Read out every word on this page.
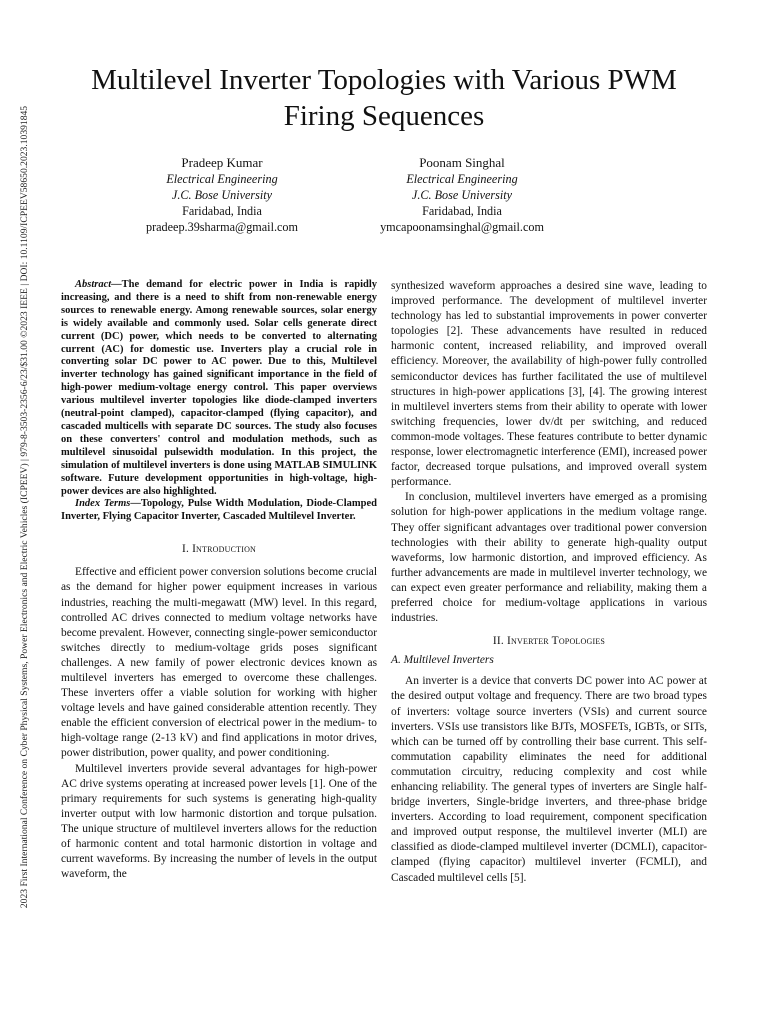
2023 First International Conference on Cyber Physical Systems, Power Electronics and Electric Vehicles (ICPEEV) | 979-8-3503-2356-6/23/$31.00 ©2023 IEEE | DOI: 10.1109/ICPEEV58650.2023.10391845
Multilevel Inverter Topologies with Various PWM
Firing Sequences
Pradeep Kumar
Electrical Engineering
J.C. Bose University
Faridabad, India
pradeep.39sharma@gmail.com
Poonam Singhal
Electrical Engineering
J.C. Bose University
Faridabad, India
ymcapoonamsinghal@gmail.com

Abstract—The demand for electric power in India is rapidly increasing, and there is a need to shift from non-renewable energy sources to renewable energy. Among renewable sources, solar energy is widely available and commonly used. Solar cells generate direct current (DC) power, which needs to be converted to alternating current (AC) for domestic use. Inverters play a crucial role in converting solar DC power to AC power. Due to this, Multilevel inverter technology has gained significant importance in the field of high-power medium-voltage energy control. This paper overviews various multilevel inverter topologies like diode-clamped inverters (neutral-point clamped), capacitor-clamped (flying capacitor), and cascaded multicells with separate DC sources. The study also focuses on these converters' control and modulation methods, such as multilevel sinusoidal pulsewidth modulation. In this project, the simulation of multilevel inverters is done using MATLAB SIMULINK software. Future development opportunities in high-voltage, high-power devices are also highlighted.

Index Terms—Topology, Pulse Width Modulation, Diode-Clamped Inverter, Flying Capacitor Inverter, Cascaded Multilevel Inverter.

I. Introduction

Effective and efficient power conversion solutions become crucial as the demand for higher power equipment increases in various industries, reaching the multi-megawatt (MW) level. In this regard, controlled AC drives connected to medium voltage networks have become prevalent. However, connecting single-power semiconductor switches directly to medium-voltage grids poses significant challenges. A new family of power electronic devices known as multilevel inverters has emerged to overcome these challenges. These inverters offer a viable solution for working with higher voltage levels and have gained considerable attention recently. They enable the efficient conversion of electrical power in the medium- to high-voltage range (2-13 kV) and find applications in motor drives, power distribution, power quality, and power conditioning.

Multilevel inverters provide several advantages for high-power AC drive systems operating at increased power levels [1]. One of the primary requirements for such systems is generating high-quality inverter output with low harmonic distortion and torque pulsation. The unique structure of multilevel inverters allows for the reduction of harmonic content and total harmonic distortion in voltage and current waveforms. By increasing the number of levels in the output waveform, the

synthesized waveform approaches a desired sine wave, leading to improved performance. The development of multilevel inverter technology has led to substantial improvements in power converter topologies [2]. These advancements have resulted in reduced harmonic content, increased reliability, and improved overall efficiency. Moreover, the availability of high-power fully controlled semiconductor devices has further facilitated the use of multilevel structures in high-power applications [3], [4]. The growing interest in multilevel inverters stems from their ability to operate with lower switching frequencies, lower dv/dt per switching, and reduced common-mode voltages. These features contribute to better dynamic response, lower electromagnetic interference (EMI), increased power factor, decreased torque pulsations, and improved overall system performance.

In conclusion, multilevel inverters have emerged as a promising solution for high-power applications in the medium voltage range. They offer significant advantages over traditional power conversion technologies with their ability to generate high-quality output waveforms, low harmonic distortion, and improved efficiency. As further advancements are made in multilevel inverter technology, we can expect even greater performance and reliability, making them a preferred choice for medium-voltage applications in various industries.

II. Inverter Topologies
A. Multilevel Inverters

An inverter is a device that converts DC power into AC power at the desired output voltage and frequency. There are two broad types of inverters: voltage source inverters (VSIs) and current source inverters. VSIs use transistors like BJTs, MOSFETs, IGBTs, or SITs, which can be turned off by controlling their base current. This self-commutation capability eliminates the need for additional commutation circuitry, reducing complexity and cost while enhancing reliability. The general types of inverters are Single half-bridge inverters, Single-bridge inverters, and three-phase bridge inverters. According to load requirement, component specification and improved output response, the multilevel inverter (MLI) are classified as diode-clamped multilevel inverter (DCMLI), capacitor-clamped (flying capacitor) multilevel inverter (FCMLI), and Cascaded multilevel cells [5].
